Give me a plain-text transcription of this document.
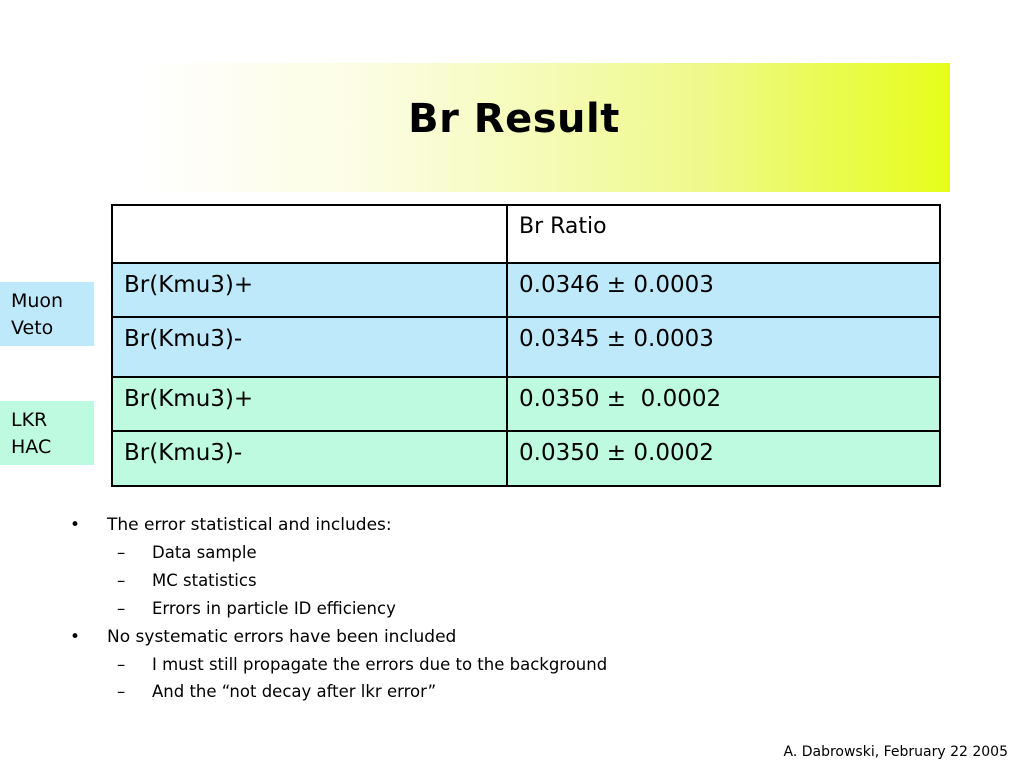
Br Result
Muon
Veto
LKR
HAC
	Br Ratio
Br(Kmu3)+	0.0346 ± 0.0003
Br(Kmu3)-	0.0345 ± 0.0003
Br(Kmu3)+	0.0350 ±  0.0002
Br(Kmu3)-	0.0350 ± 0.0002
• The error statistical and includes:
– Data sample
– MC statistics
– Errors in particle ID efficiency
• No systematic errors have been included
– I must still propagate the errors due to the background
– And the “not decay after lkr error”
A. Dabrowski, February 22 2005
